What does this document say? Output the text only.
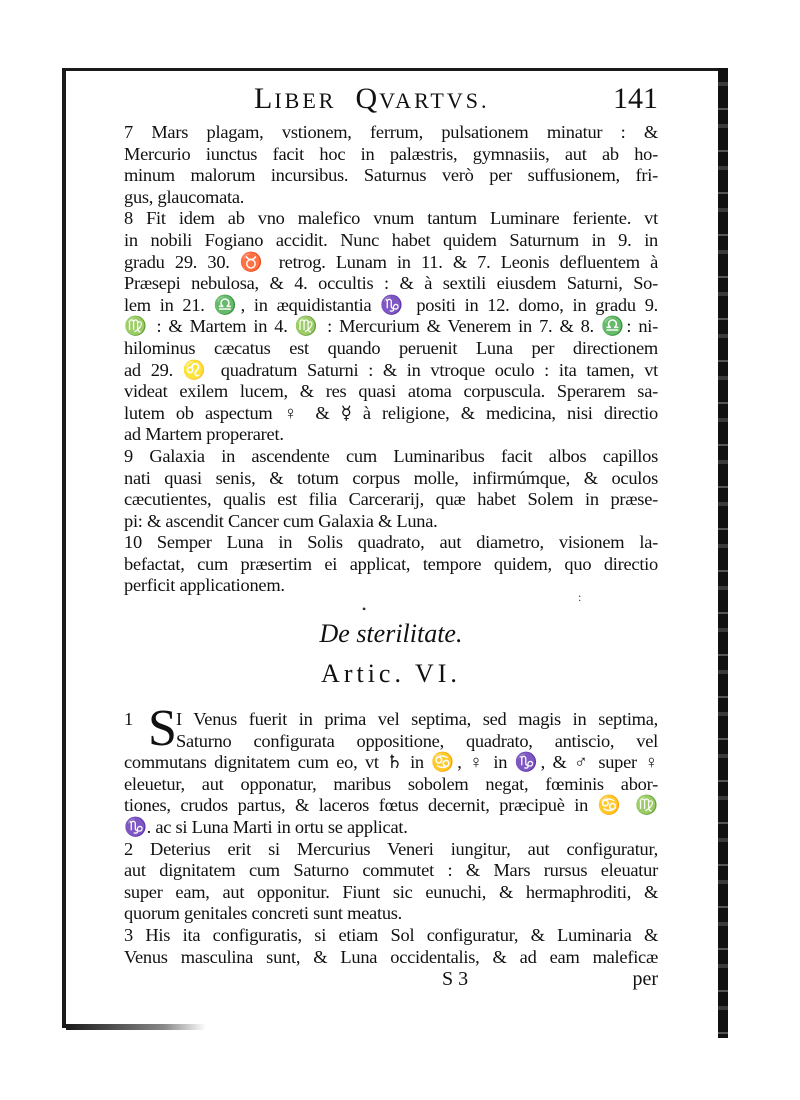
•
:
LIBER QVARTVS.	141
7 Mars plagam, vstionem, ferrum, pulsationem minatur : &
Mercurio iunctus facit hoc in palæstris, gymnasiis, aut ab ho-
minum malorum incursibus. Saturnus verò per suffusionem, fri-
gus, glaucomata.
8 Fit idem ab vno malefico vnum tantum Luminare feriente. vt
in nobili Fogiano accidit. Nunc habet quidem Saturnum in 9. in
gradu 29. 30. ♉ retrog. Lunam in 11. & 7. Leonis defluentem à
Præsepi nebulosa, & 4. occultis : & à sextili eiusdem Saturni, So-
lem in 21. ♎, in æquidistantia ♑ positi in 12. domo, in gradu 9.
♍ : & Martem in 4. ♍ : Mercurium & Venerem in 7. & 8. ♎: ni-
hilominus cæcatus est quando peruenit Luna per directionem
ad 29. ♌ quadratum Saturni : & in vtroque oculo : ita tamen, vt
videat exilem lucem, & res quasi atoma corpuscula. Sperarem sa-
lutem ob aspectum ♀ & ☿ à religione, & medicina, nisi directio
ad Martem properaret.
9 Galaxia in ascendente cum Luminaribus facit albos capillos
nati quasi senis, & totum corpus molle, infirmúmque, & oculos
cæcutientes, qualis est filia Carcerarij, quæ habet Solem in præse-
pi: & ascendit Cancer cum Galaxia & Luna.
10 Semper Luna in Solis quadrato, aut diametro, visionem la-
befactat, cum præsertim ei applicat, tempore quidem, quo directio
perficit applicationem.
De sterilitate.
Artic. VI.
1 S I Venus fuerit in prima vel septima, sed magis in septima,
Saturno configurata oppositione, quadrato, antiscio, vel
commutans dignitatem cum eo, vt ♄ in ♋, ♀ in ♑, & ♂ super ♀
eleuetur, aut opponatur, maribus sobolem negat, fœminis abor-
tiones, crudos partus, & laceros fœtus decernit, præcipuè in ♋ ♍
♑. ac si Luna Marti in ortu se applicat.
2 Deterius erit si Mercurius Veneri iungitur, aut configuratur,
aut dignitatem cum Saturno commutet : & Mars rursus eleuatur
super eam, aut opponitur. Fiunt sic eunuchi, & hermaphroditi, &
quorum genitales concreti sunt meatus.
3 His ita configuratis, si etiam Sol configuratur, & Luminaria &
Venus masculina sunt, & Luna occidentalis, & ad eam maleficæ
S 3	per
